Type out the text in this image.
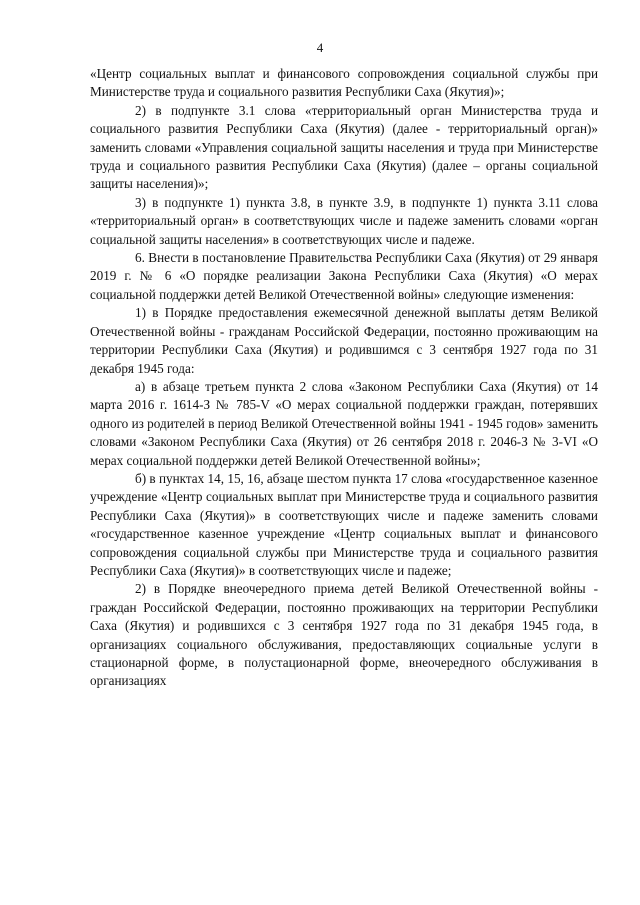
4

«Центр социальных выплат и финансового сопровождения социальной службы при Министерстве труда и социального развития Республики Саха (Якутия)»;

2) в подпункте 3.1 слова «территориальный орган Министерства труда и социального развития Республики Саха (Якутия) (далее - территориальный орган)» заменить словами «Управления социальной защиты населения и труда при Министерстве труда и социального развития Республики Саха (Якутия) (далее – органы социальной защиты населения)»;

3) в подпункте 1) пункта 3.8, в пункте 3.9, в подпункте 1) пункта 3.11 слова «территориальный орган» в соответствующих числе и падеже заменить словами «орган социальной защиты населения» в соответствующих числе и падеже.

6. Внести в постановление Правительства Республики Саха (Якутия) от 29 января 2019 г. № 6 «О порядке реализации Закона Республики Саха (Якутия) «О мерах социальной поддержки детей Великой Отечественной войны» следующие изменения:

1) в Порядке предоставления ежемесячной денежной выплаты детям Великой Отечественной войны - гражданам Российской Федерации, постоянно проживающим на территории Республики Саха (Якутия) и родившимся с 3 сентября 1927 года по 31 декабря 1945 года:

а) в абзаце третьем пункта 2 слова «Законом Республики Саха (Якутия) от 14 марта 2016 г. 1614-З № 785-V «О мерах социальной поддержки граждан, потерявших одного из родителей в период Великой Отечественной войны 1941 - 1945 годов» заменить словами «Законом Республики Саха (Якутия) от 26 сентября 2018 г. 2046-З № 3-VI «О мерах социальной поддержки детей Великой Отечественной войны»;

б) в пунктах 14, 15, 16, абзаце шестом пункта 17 слова «государственное казенное учреждение «Центр социальных выплат при Министерстве труда и социального развития Республики Саха (Якутия)» в соответствующих числе и падеже заменить словами «государственное казенное учреждение «Центр социальных выплат и финансового сопровождения социальной службы при Министерстве труда и социального развития Республики Саха (Якутия)» в соответствующих числе и падеже;

2) в Порядке внеочередного приема детей Великой Отечественной войны - граждан Российской Федерации, постоянно проживающих на территории Республики Саха (Якутия) и родившихся с 3 сентября 1927 года по 31 декабря 1945 года, в организациях социального обслуживания, предоставляющих социальные услуги в стационарной форме, в полустационарной форме, внеочередного обслуживания в организациях
